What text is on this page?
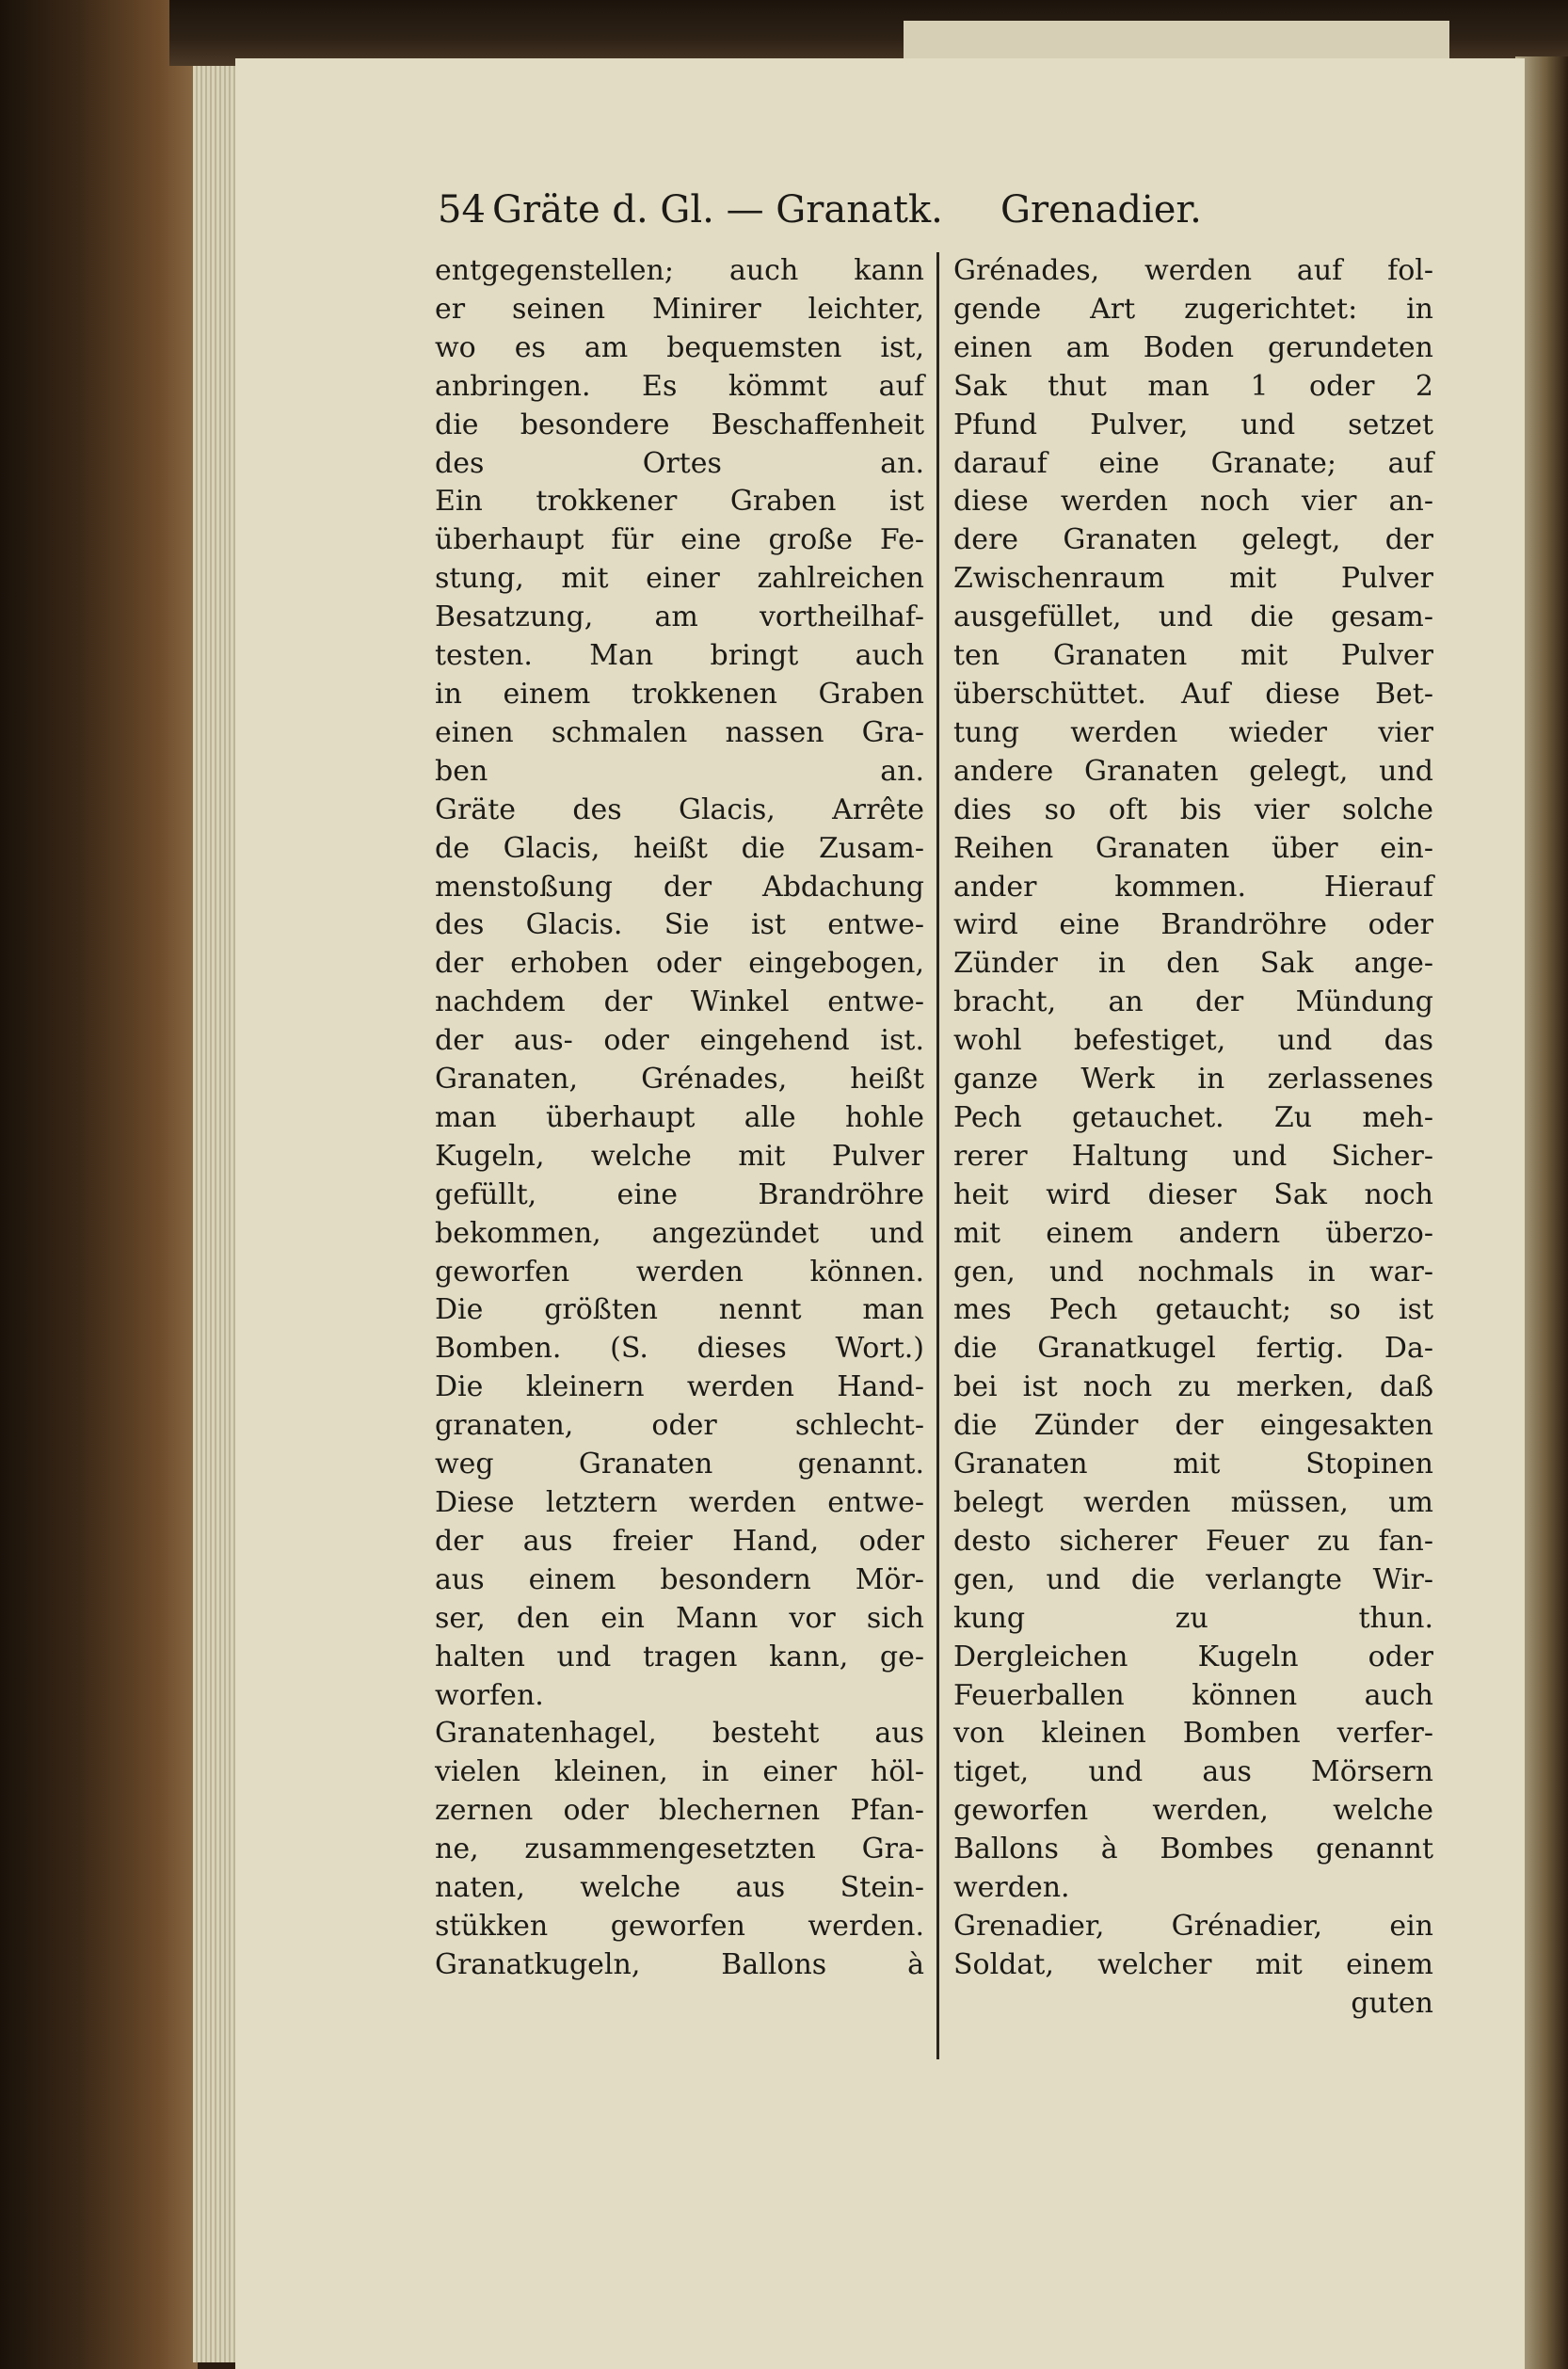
54 Gräte d. Gl. — Granatk. Grenadier.

entgegenstellen; auch kann
er seinen Minirer leichter,
wo es am bequemsten ist,
anbringen. Es kömmt auf
die besondere Beschaffenheit
des Ortes an.

Ein trokkener Graben ist
überhaupt für eine große Fe-
stung, mit einer zahlreichen
Besatzung, am vortheilhaf-
testen. Man bringt auch
in einem trokkenen Graben
einen schmalen nassen Gra-
ben an.

Gräte des Glacis, Arrête
de Glacis, heißt die Zusam-
menstoßung der Abdachung
des Glacis. Sie ist entwe-
der erhoben oder eingebogen,
nachdem der Winkel entwe-
der aus- oder eingehend ist.

Granaten, Grénades, heißt
man überhaupt alle hohle
Kugeln, welche mit Pulver
gefüllt, eine Brandröhre
bekommen, angezündet und
geworfen werden können.
Die größten nennt man
Bomben. (S. dieses Wort.)
Die kleinern werden Hand-
granaten, oder schlecht-
weg Granaten genannt.
Diese letztern werden entwe-
der aus freier Hand, oder
aus einem besondern Mör-
ser, den ein Mann vor sich
halten und tragen kann, ge-
worfen.

Granatenhagel, besteht aus
vielen kleinen, in einer höl-
zernen oder blechernen Pfan-
ne, zusammengesetzten Gra-
naten, welche aus Stein-
stükken geworfen werden.

Granatkugeln, Ballons à

Grénades, werden auf fol-
gende Art zugerichtet: in
einen am Boden gerundeten
Sak thut man 1 oder 2
Pfund Pulver, und setzet
darauf eine Granate; auf
diese werden noch vier an-
dere Granaten gelegt, der
Zwischenraum mit Pulver
ausgefüllet, und die gesam-
ten Granaten mit Pulver
überschüttet. Auf diese Bet-
tung werden wieder vier
andere Granaten gelegt, und
dies so oft bis vier solche
Reihen Granaten über ein-
ander kommen. Hierauf
wird eine Brandröhre oder
Zünder in den Sak ange-
bracht, an der Mündung
wohl befestiget, und das
ganze Werk in zerlassenes
Pech getauchet. Zu meh-
rerer Haltung und Sicher-
heit wird dieser Sak noch
mit einem andern überzo-
gen, und nochmals in war-
mes Pech getaucht; so ist
die Granatkugel fertig. Da-
bei ist noch zu merken, daß
die Zünder der eingesakten
Granaten mit Stopinen
belegt werden müssen, um
desto sicherer Feuer zu fan-
gen, und die verlangte Wir-
kung zu thun.

Dergleichen Kugeln oder
Feuerballen können auch
von kleinen Bomben verfer-
tiget, und aus Mörsern
geworfen werden, welche
Ballons à Bombes genannt
werden.

Grenadier, Grénadier, ein
Soldat, welcher mit einem

guten
